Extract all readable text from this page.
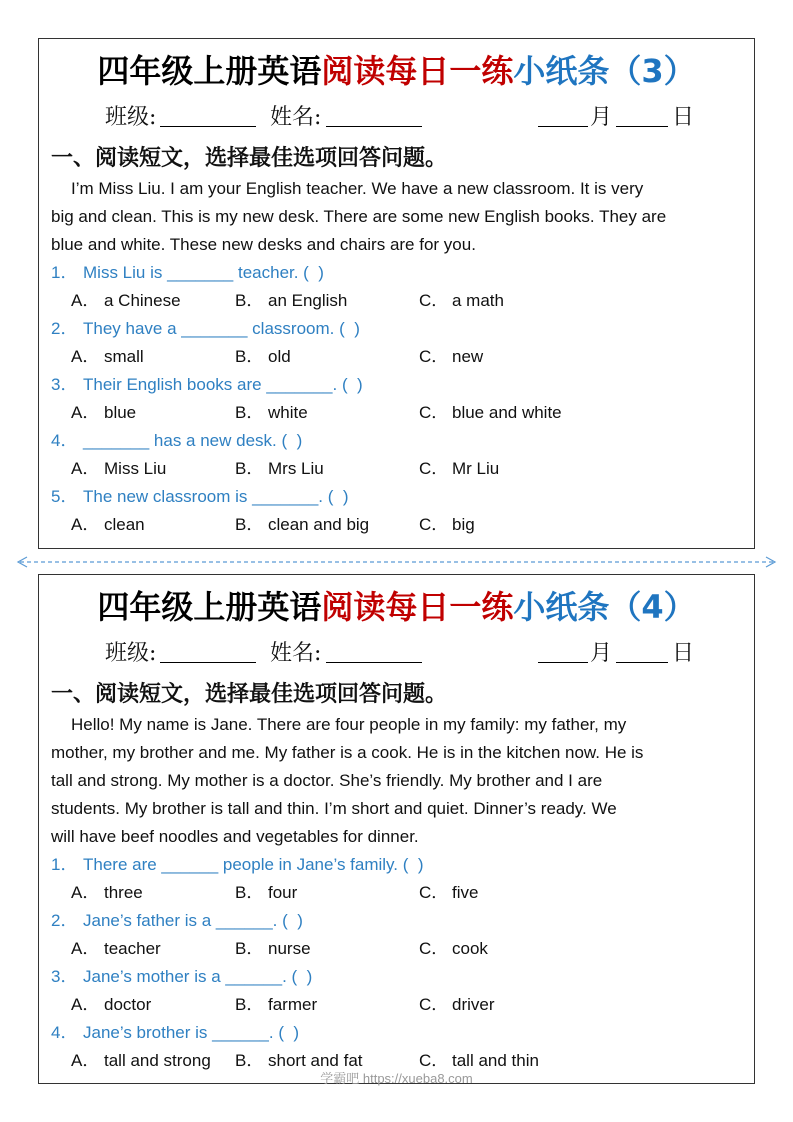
四年级上册英语阅读每日一练小纸条（3）
班级:	姓名:	月	日
一、阅读短文，选择最佳选项回答问题。

I’m Miss Liu. I am your English teacher. We have a new classroom. It is very

big and clean. This is my new desk. There are some new English books. They are

blue and white. These new desks and chairs are for you.

1． Miss Liu is _______ teacher. (  )
A． a Chinese	B． an English	C． a math
2． They have a _______ classroom. (  )
A． small	B． old	C． new
3． Their English books are _______. (  )
A． blue	B． white	C． blue and white
4． _______ has a new desk. (  )
A． Miss Liu	B． Mrs Liu	C． Mr Liu
5． The new classroom is _______. (  )
A． clean	B． clean and big	C． big
四年级上册英语阅读每日一练小纸条（4）
班级:	姓名:	月	日
一、阅读短文，选择最佳选项回答问题。

Hello! My name is Jane. There are four people in my family: my father, my

mother, my brother and me. My father is a cook. He is in the kitchen now. He is

tall and strong. My mother is a doctor. She’s friendly. My brother and I are

students. My brother is tall and thin. I’m short and quiet. Dinner’s ready. We

will have beef noodles and vegetables for dinner.

1． There are ______ people in Jane’s family. (  )
A． three	B． four	C． five
2． Jane’s father is a ______. (  )
A． teacher	B． nurse	C． cook
3． Jane’s mother is a ______. (  )
A． doctor	B． farmer	C． driver
4． Jane’s brother is ______. (  )
A． tall and strong B． short and fat	C． tall and thin
学霸吧 https://xueba8.com
